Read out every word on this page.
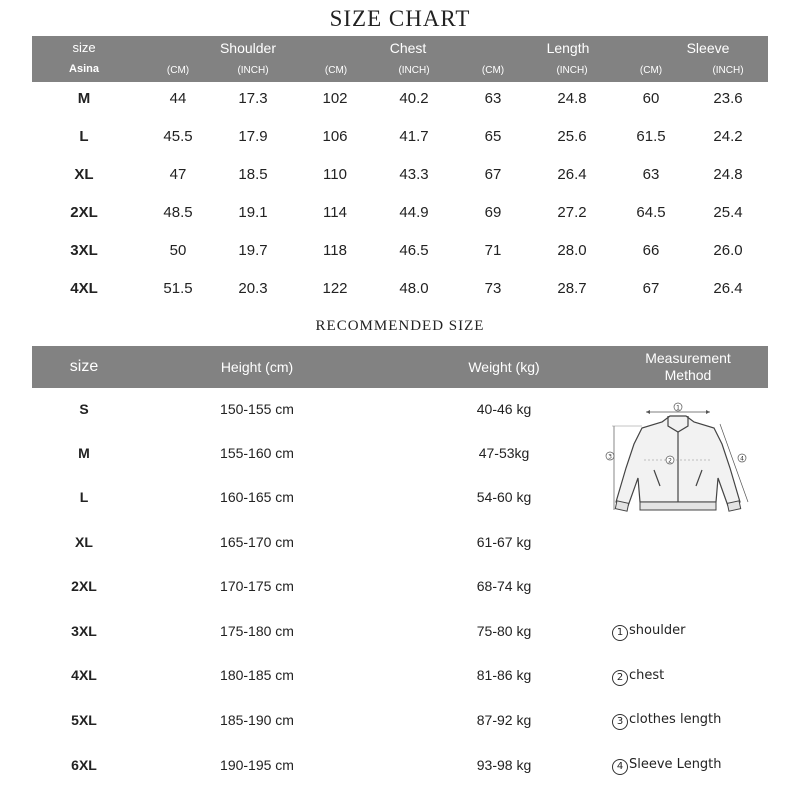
SIZE CHART
size
Asina
Shoulder	Chest	Length	Sleeve
(CM)	(INCH)	(CM)	(INCH)	(CM)	(INCH)	(CM)	(INCH)
M	44	17.3	102	40.2	63	24.8	60	23.6
L	45.5	17.9	106	41.7	65	25.6	61.5	24.2
XL	47	18.5	110	43.3	67	26.4	63	24.8
2XL	48.5	19.1	114	44.9	69	27.2	64.5	25.4
3XL	50	19.7	118	46.5	71	28.0	66	26.0
4XL	51.5	20.3	122	48.0	73	28.7	67	26.4
RECOMMENDED SIZE
size	Height (cm)	Weight (kg)
Measurement
Method
S	150-155 cm	40-46 kg
M	155-160 cm	47-53kg
L	160-165 cm	54-60 kg
XL	165-170 cm	61-67 kg
2XL	170-175 cm	68-74 kg
3XL	175-180 cm	75-80 kg
4XL	180-185 cm	81-86 kg
5XL	185-190 cm	87-92 kg
6XL	190-195 cm	93-98 kg
1
2
3	4
1 shoulder
2 chest
3 clothes length
4 Sleeve Length
